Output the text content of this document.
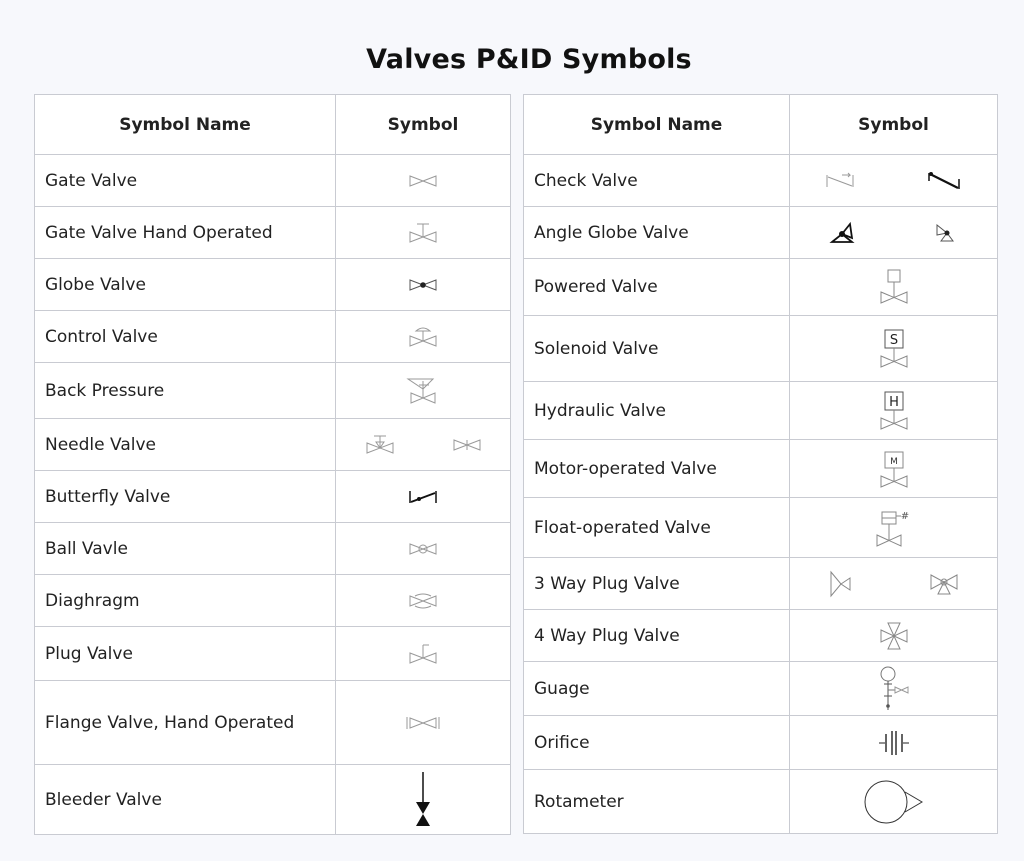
Valves P&ID Symbols
Symbol Name	Symbol
Gate Valve	

Gate Valve Hand Operated	

Globe Valve	

Control Valve	

Back Pressure	

Needle Valve	

Butterfly Valve	

Ball Vavle	

Diaghragm	

Plug Valve	

Flange Valve, Hand Operated	

Bleeder Valve	
Symbol Name	Symbol
Check Valve	

Angle Globe Valve	

Powered Valve	

Solenoid Valve	S

Hydraulic Valve	H

Motor-operated Valve	M

Float-operated Valve	#

3 Way Plug Valve	

4 Way Plug Valve	

Guage	

Orifice	

Rotameter	
